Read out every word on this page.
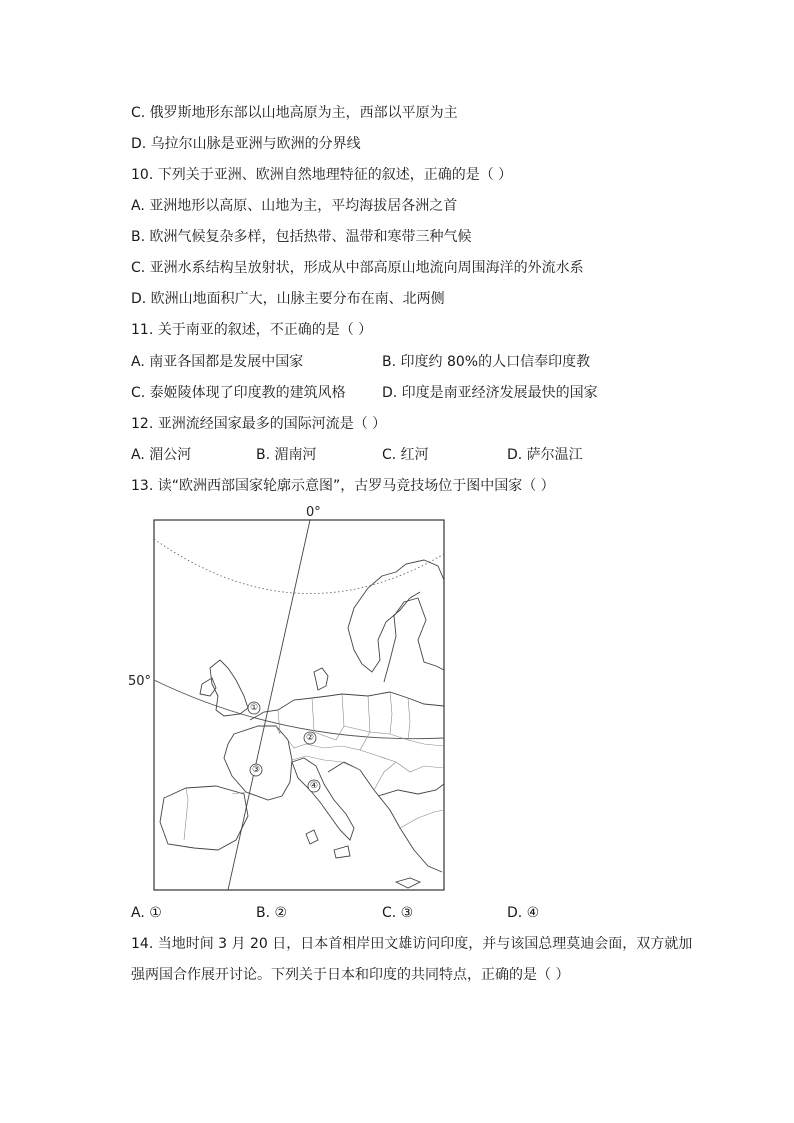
C. 俄罗斯地形东部以山地高原为主，西部以平原为主
D. 乌拉尔山脉是亚洲与欧洲的分界线
10. 下列关于亚洲、欧洲自然地理特征的叙述，正确的是（ ）
A. 亚洲地形以高原、山地为主，平均海拔居各洲之首
B. 欧洲气候复杂多样，包括热带、温带和寒带三种气候
C. 亚洲水系结构呈放射状，形成从中部高原山地流向周围海洋的外流水系
D. 欧洲山地面积广大，山脉主要分布在南、北两侧
11. 关于南亚的叙述，不正确的是（ ）
A. 南亚各国都是发展中国家	B. 印度约 80%的人口信奉印度教
C. 泰姬陵体现了印度教的建筑风格	D. 印度是南亚经济发展最快的国家
12. 亚洲流经国家最多的国际河流是（ ）
A. 湄公河	B. 湄南河	C. 红河	D. 萨尔温江
13. 读“欧洲西部国家轮廓示意图”，古罗马竞技场位于图中国家（ ）
0°
50°
①
②
③
④
A. ①	B. ②	C. ③	D. ④
14. 当地时间 3 月 20 日，日本首相岸田文雄访问印度，并与该国总理莫迪会面，双方就加
强两国合作展开讨论。下列关于日本和印度的共同特点，正确的是（ ）
